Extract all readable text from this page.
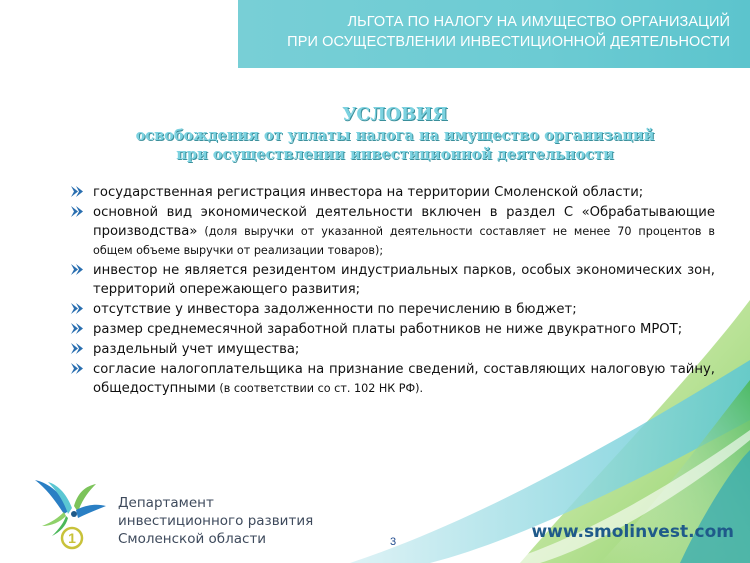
ЛЬГОТА ПО НАЛОГУ НА ИМУЩЕСТВО ОРГАНИЗАЦИЙ
ПРИ ОСУЩЕСТВЛЕНИИ ИНВЕСТИЦИОННОЙ ДЕЯТЕЛЬНОСТИ
УСЛОВИЯ
освобождения от уплаты налога на имущество организаций
при осуществлении инвестиционной деятельности
государственная регистрация инвестора на территории Смоленской области;
основной вид экономической деятельности включен в раздел С «Обрабатывающие производства» (доля выручки от указанной деятельности составляет не менее 70 процентов в общем объеме выручки от реализации товаров);
инвестор не является резидентом индустриальных парков, особых экономических зон, территорий опережающего развития;
отсутствие у инвестора задолженности по перечислению в бюджет;
размер среднемесячной заработной платы работников не ниже двукратного МРОТ;
раздельный учет имущества;
согласие налогоплательщика на признание сведений, составляющих налоговую тайну, общедоступными (в соответствии со ст. 102 НК РФ).
1
Департамент
инвестиционного развития
Смоленской области	3	www.smolinvest.com
